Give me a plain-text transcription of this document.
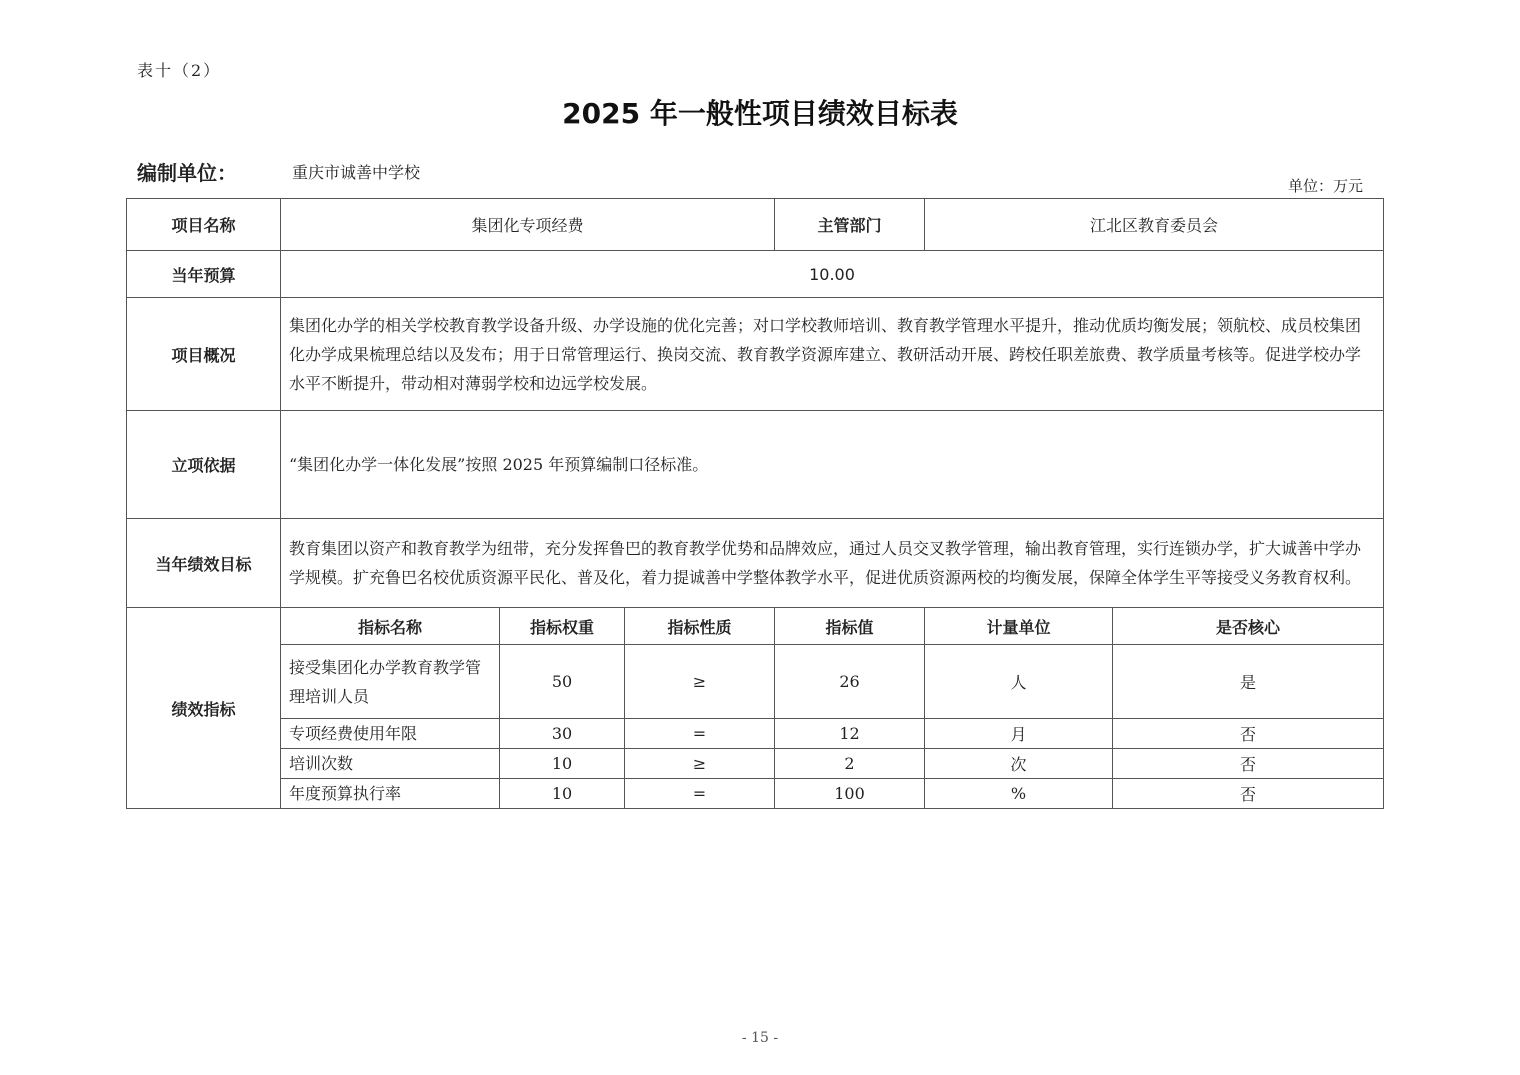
表十（2）
2025 年一般性项目绩效目标表
编制单位：	重庆市诚善中学校
单位：万元
项目名称	集团化专项经费			主管部门	江北区教育委员会	
当年预算	10.00					
项目概况	集团化办学的相关学校教育教学设备升级、办学设施的优化完善；对口学校教师培训、教育教学管理水平提升，推动优质均衡发展；领航校、成员校集团化办学成果梳理总结以及发布；用于日常管理运行、换岗交流、教育教学资源库建立、教研活动开展、跨校任职差旅费、教学质量考核等。促进学校办学水平不断提升，带动相对薄弱学校和边远学校发展。					
立项依据	“集团化办学一体化发展”按照 2025 年预算编制口径标准。					
当年绩效目标	教育集团以资产和教育教学为纽带，充分发挥鲁巴的教育教学优势和品牌效应，通过人员交叉教学管理，输出教育管理，实行连锁办学，扩大诚善中学办学规模。扩充鲁巴名校优质资源平民化、普及化，着力提诚善中学整体教学水平，促进优质资源两校的均衡发展，保障全体学生平等接受义务教育权利。					
绩效指标	指标名称	指标权重	指标性质	指标值	计量单位	是否核心
	接受集团化办学教育教学管理培训人员	50	≥	26	人	是
	专项经费使用年限	30	=	12	月	否
	培训次数	10	≥	2	次	否
	年度预算执行率	10	=	100	%	否
- 15 -
